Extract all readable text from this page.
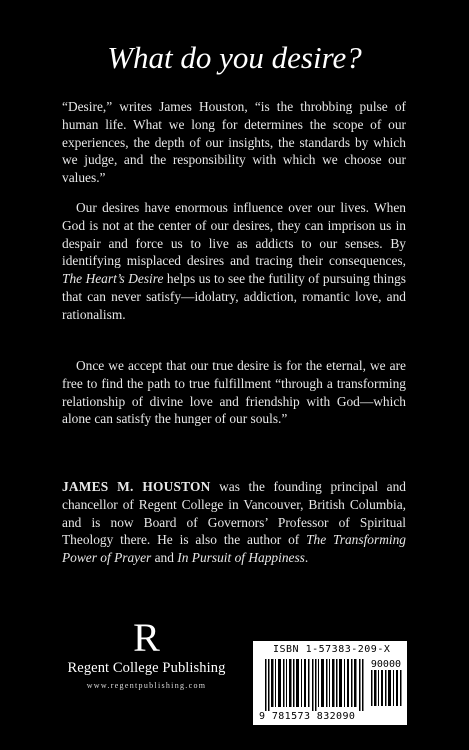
What do you desire?
“Desire,” writes James Houston, “is the throbbing pulse of human life. What we long for determines the scope of our experiences, the depth of our insights, the standards by which we judge, and the responsibility with which we choose our values.”
Our desires have enormous influence over our lives. When God is not at the center of our desires, they can imprison us in despair and force us to live as addicts to our senses. By identifying misplaced desires and tracing their consequences, The Heart’s Desire helps us to see the futility of pursuing things that can never satisfy—idolatry, addiction, romantic love, and rationalism.
Once we accept that our true desire is for the eternal, we are free to find the path to true fulfillment “through a transforming relationship of divine love and friendship with God—which alone can satisfy the hunger of our souls.”
JAMES M. HOUSTON was the founding principal and chancellor of Regent College in Vancouver, British Columbia, and is now Board of Governors’ Professor of Spiritual Theology there. He is also the author of The Transforming Power of Prayer and In Pursuit of Happiness.
R
Regent College Publishing
www.regentpublishing.com
ISBN 1-57383-209-X
90000
9 781573 832090
